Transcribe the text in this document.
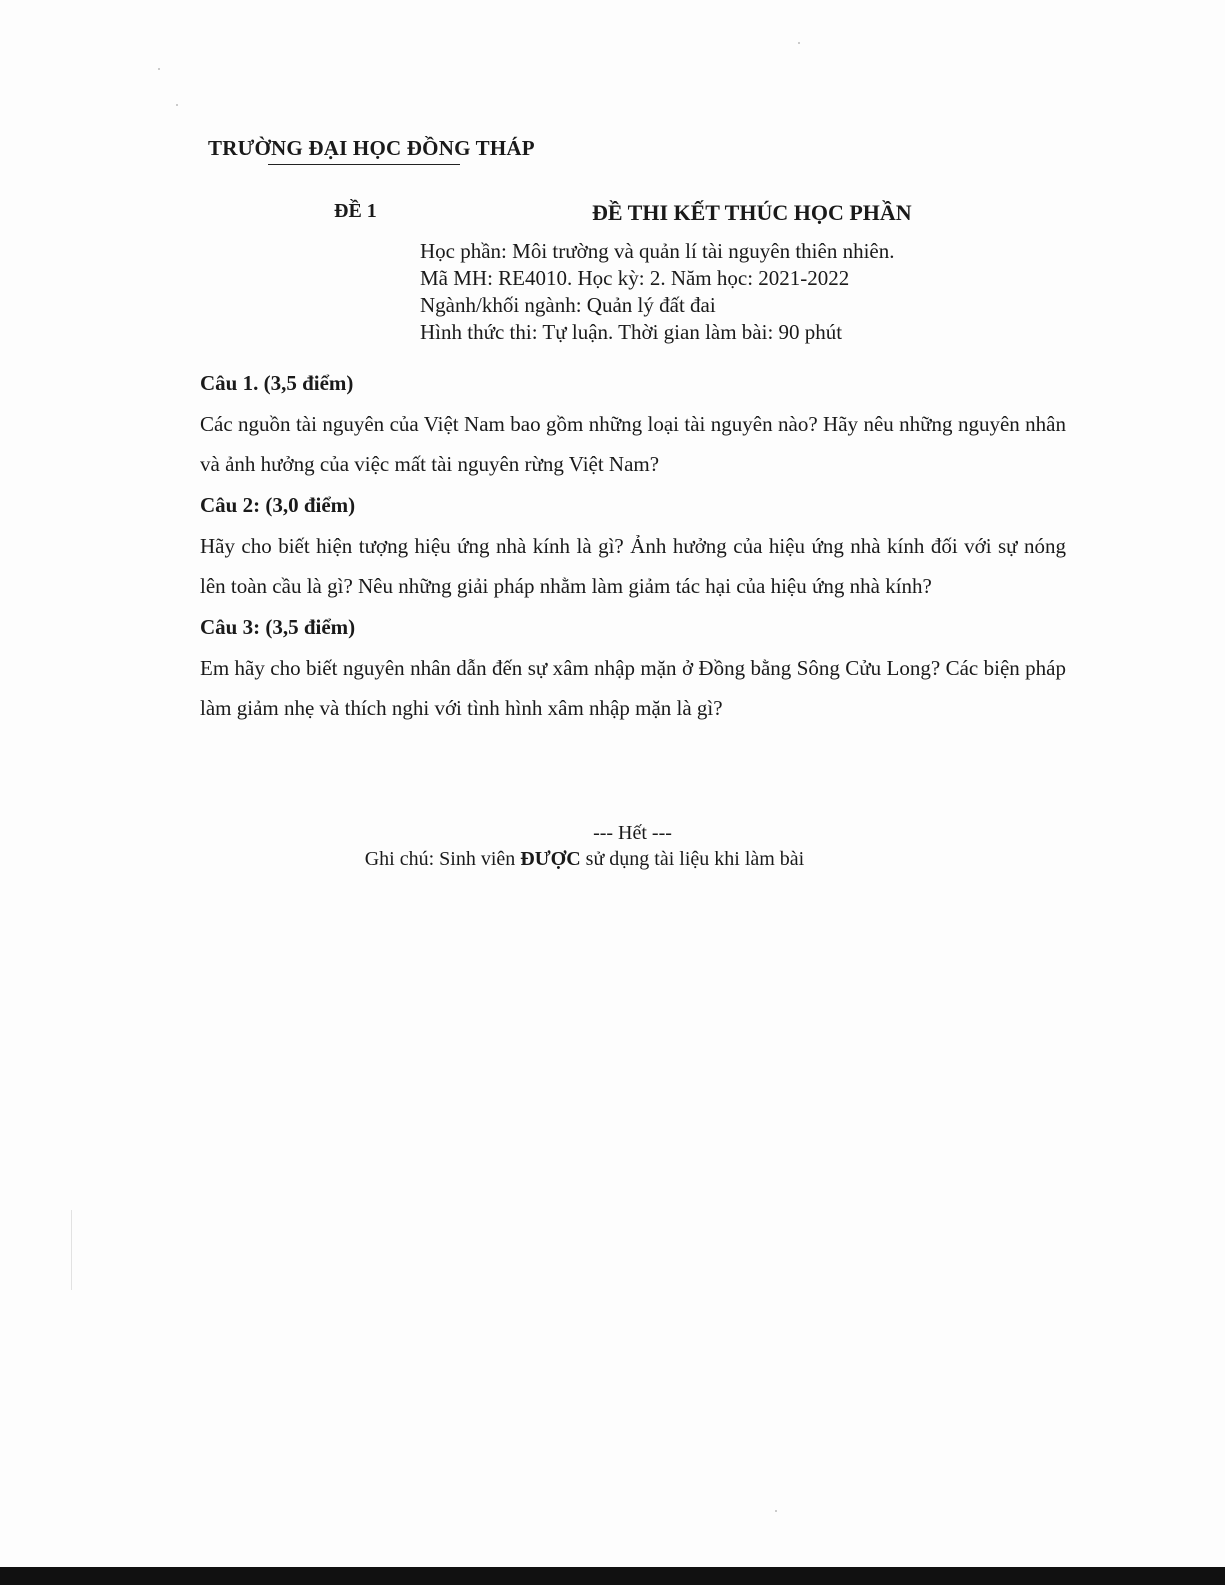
TRƯỜNG ĐẠI HỌC ĐỒNG THÁP
ĐỀ 1	ĐỀ THI KẾT THÚC HỌC PHẦN
Học phần: Môi trường và quản lí tài nguyên thiên nhiên.
Mã MH: RE4010. Học kỳ: 2. Năm học: 2021-2022
Ngành/khối ngành: Quản lý đất đai
Hình thức thi: Tự luận. Thời gian làm bài: 90 phút

Câu 1. (3,5 điểm)

Các nguồn tài nguyên của Việt Nam bao gồm những loại tài nguyên nào? Hãy nêu những nguyên nhân và ảnh hưởng của việc mất tài nguyên rừng Việt Nam?

Câu 2: (3,0 điểm)

Hãy cho biết hiện tượng hiệu ứng nhà kính là gì? Ảnh hưởng của hiệu ứng nhà kính đối với sự nóng lên toàn cầu là gì? Nêu những giải pháp nhằm làm giảm tác hại của hiệu ứng nhà kính?

Câu 3: (3,5 điểm)

Em hãy cho biết nguyên nhân dẫn đến sự xâm nhập mặn ở Đồng bằng Sông Cửu Long? Các biện pháp làm giảm nhẹ và thích nghi với tình hình xâm nhập mặn là gì?

--- Hết ---
Ghi chú: Sinh viên ĐƯỢC sử dụng tài liệu khi làm bài
